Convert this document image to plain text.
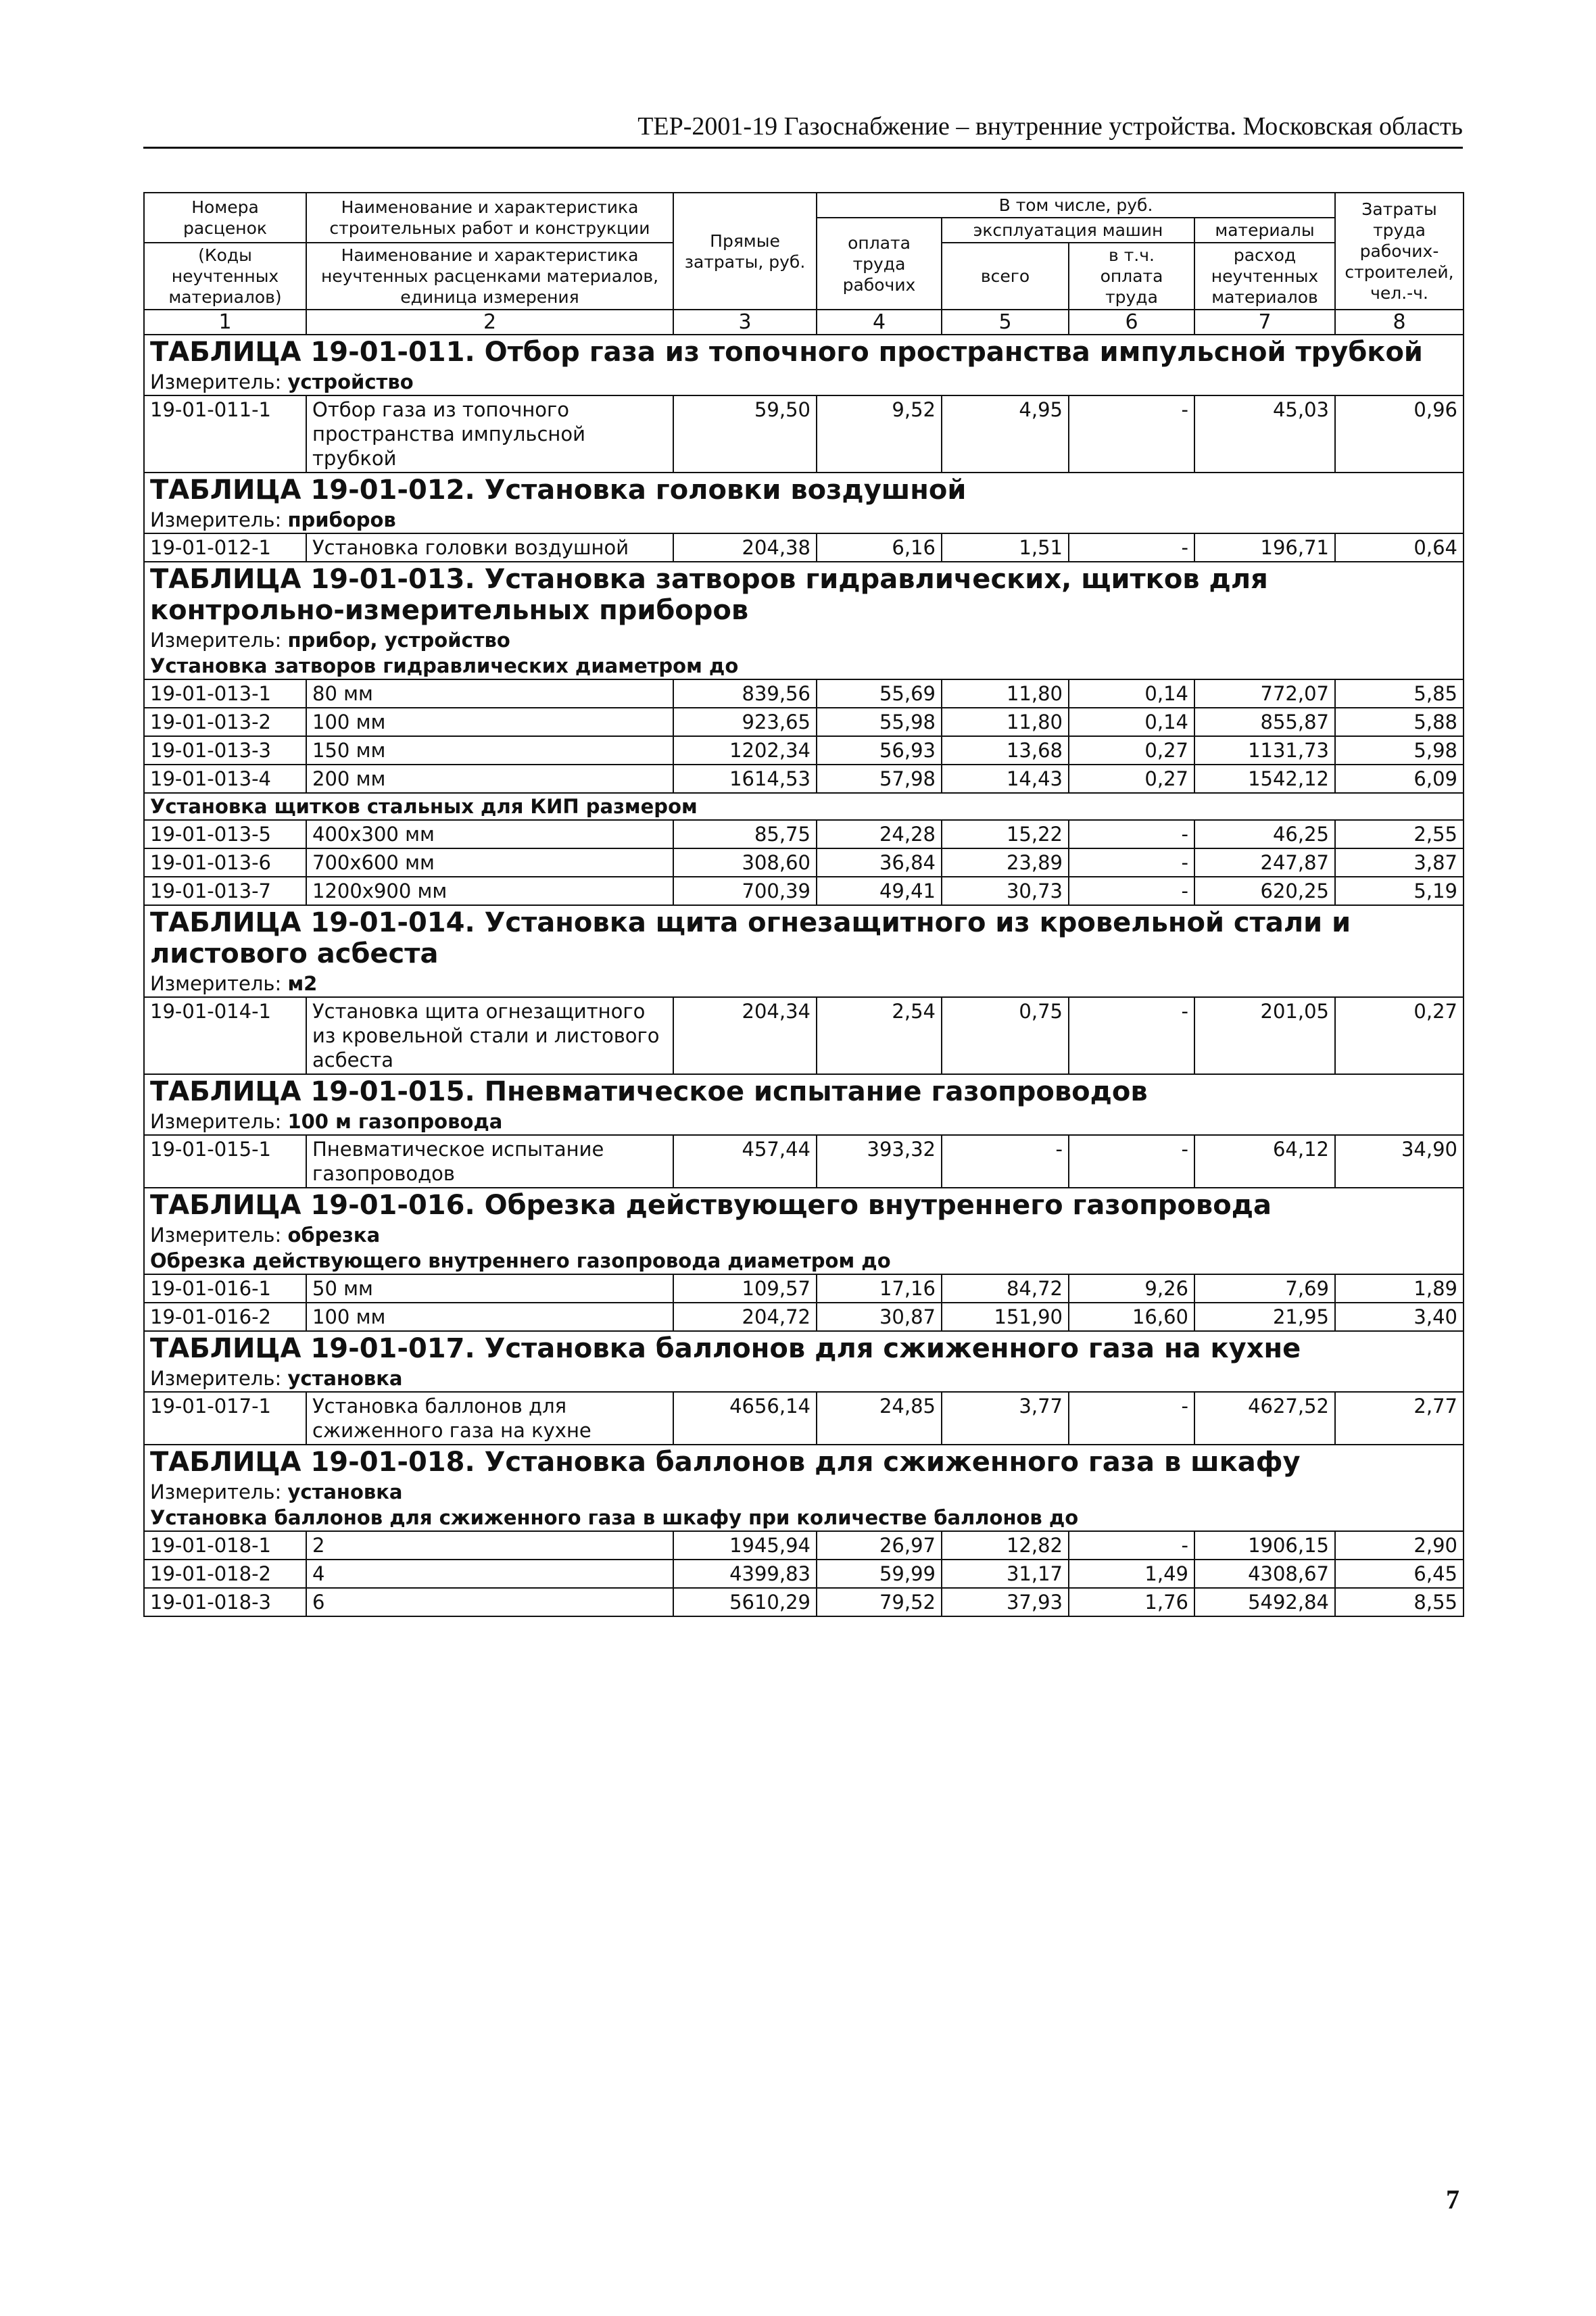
ТЕР-2001-19 Газоснабжение – внутренние устройства. Московская область
Номера расценок	Наименование и характеристика строительных работ и конструкции	Прямые затраты, руб.	В том числе, руб.				Затраты труда рабочих-строителей, чел.-ч.
			оплата труда рабочих	эксплуатация машин		материалы	
(Коды неучтенных материалов)	Наименование и характеристика неучтенных расценками материалов, единица измерения			всего	в т.ч. оплата труда	расход неучтенных материалов	

1	2	3	4	5	6	7	8
ТАБЛИЦА 19-01-011. Отбор газа из топочного пространства импульсной трубкой							
Измеритель: устройство							
19-01-011-1	Отбор газа из топочного пространства импульсной трубкой	59,50	9,52	4,95	-	45,03	0,96
ТАБЛИЦА 19-01-012. Установка головки воздушной							
Измеритель: приборов							
19-01-012-1	Установка головки воздушной	204,38	6,16	1,51	-	196,71	0,64
ТАБЛИЦА 19-01-013. Установка затворов гидравлических, щитков для контрольно-измерительных приборов							
Измеритель: прибор, устройство							
Установка затворов гидравлических диаметром до							
19-01-013-1	80 мм	839,56	55,69	11,80	0,14	772,07	5,85
19-01-013-2	100 мм	923,65	55,98	11,80	0,14	855,87	5,88
19-01-013-3	150 мм	1202,34	56,93	13,68	0,27	1131,73	5,98
19-01-013-4	200 мм	1614,53	57,98	14,43	0,27	1542,12	6,09
Установка щитков стальных для КИП размером							
19-01-013-5	400x300 мм	85,75	24,28	15,22	-	46,25	2,55
19-01-013-6	700x600 мм	308,60	36,84	23,89	-	247,87	3,87
19-01-013-7	1200x900 мм	700,39	49,41	30,73	-	620,25	5,19
ТАБЛИЦА 19-01-014. Установка щита огнезащитного из кровельной стали и листового асбеста							
Измеритель: м2							
19-01-014-1	Установка щита огнезащитного из кровельной стали и листового асбеста	204,34	2,54	0,75	-	201,05	0,27
ТАБЛИЦА 19-01-015. Пневматическое испытание газопроводов							
Измеритель: 100 м газопровода							
19-01-015-1	Пневматическое испытание газопроводов	457,44	393,32	-	-	64,12	34,90
ТАБЛИЦА 19-01-016. Обрезка действующего внутреннего газопровода							
Измеритель: обрезка							
Обрезка действующего внутреннего газопровода диаметром до							
19-01-016-1	50 мм	109,57	17,16	84,72	9,26	7,69	1,89
19-01-016-2	100 мм	204,72	30,87	151,90	16,60	21,95	3,40
ТАБЛИЦА 19-01-017. Установка баллонов для сжиженного газа на кухне							
Измеритель: установка							
19-01-017-1	Установка баллонов для сжиженного газа на кухне	4656,14	24,85	3,77	-	4627,52	2,77
ТАБЛИЦА 19-01-018. Установка баллонов для сжиженного газа в шкафу							
Измеритель: установка							
Установка баллонов для сжиженного газа в шкафу при количестве баллонов до							
19-01-018-1	2	1945,94	26,97	12,82	-	1906,15	2,90
19-01-018-2	4	4399,83	59,99	31,17	1,49	4308,67	6,45
19-01-018-3	6	5610,29	79,52	37,93	1,76	5492,84	8,55
7
